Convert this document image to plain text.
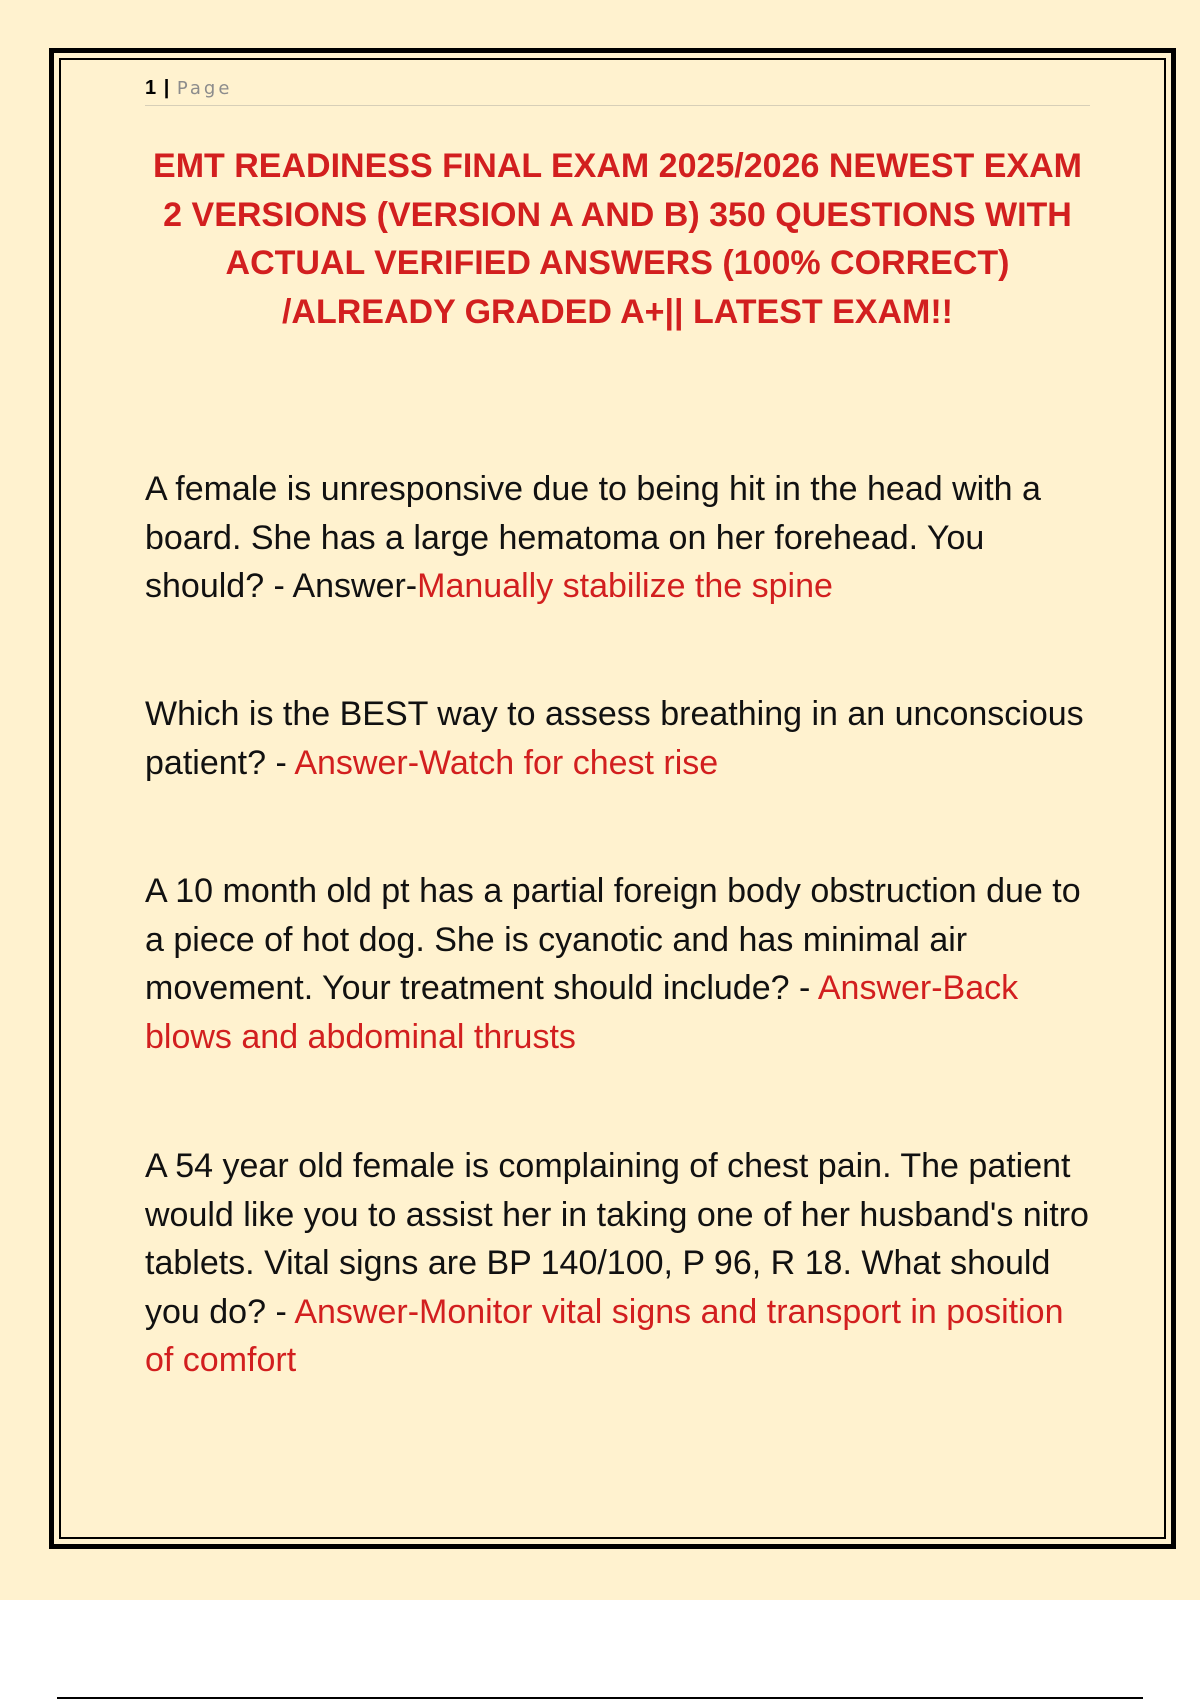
1 | Page
EMT READINESS FINAL EXAM 2025/2026 NEWEST EXAM 2 VERSIONS (VERSION A AND B) 350 QUESTIONS WITH ACTUAL VERIFIED ANSWERS (100% CORRECT) /ALREADY GRADED A+|| LATEST EXAM!!

A female is unresponsive due to being hit in the head with a board. She has a large hematoma on her forehead. You should? - Answer-Manually stabilize the spine

Which is the BEST way to assess breathing in an unconscious patient? - Answer-Watch for chest rise

A 10 month old pt has a partial foreign body obstruction due to a piece of hot dog. She is cyanotic and has minimal air movement. Your treatment should include? - Answer-Back blows and abdominal thrusts

A 54 year old female is complaining of chest pain. The patient would like you to assist her in taking one of her husband's nitro tablets. Vital signs are BP 140/100, P 96, R 18. What should you do? - Answer-Monitor vital signs and transport in position of comfort
